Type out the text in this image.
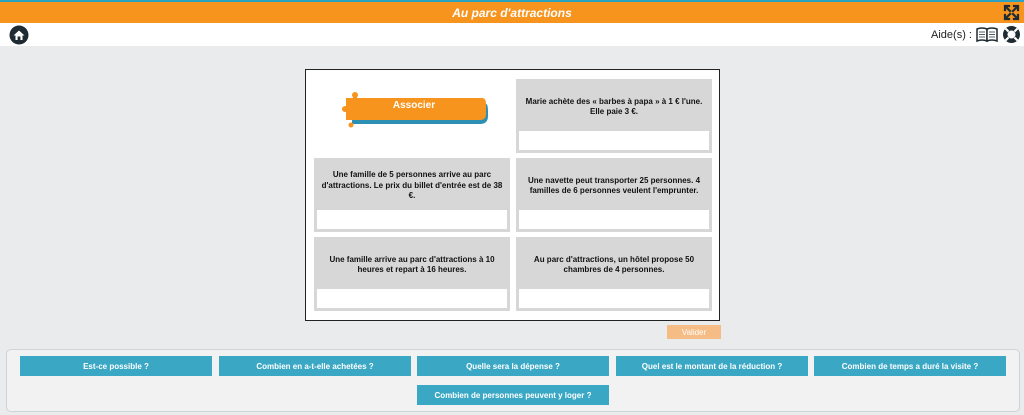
Au parc d'attractions
Aide(s) :
Associer	Marie achète des « barbes à papa » à 1 € l'une. Elle paie 3 €.
Une famille de 5 personnes arrive au parc d'attractions. Le prix du billet d'entrée est de 38 €.
Une navette peut transporter 25 personnes. 4 familles de 6 personnes veulent l'emprunter.
Une famille arrive au parc d'attractions à 10 heures et repart à 16 heures.
Au parc d'attractions, un hôtel propose 50 chambres de 4 personnes.
Valider
Est-ce possible ?	Combien en a-t-elle achetées ?	Quelle sera la dépense ?	Quel est le montant de la réduction ?	Combien de temps a duré la visite ?
Combien de personnes peuvent y loger ?
